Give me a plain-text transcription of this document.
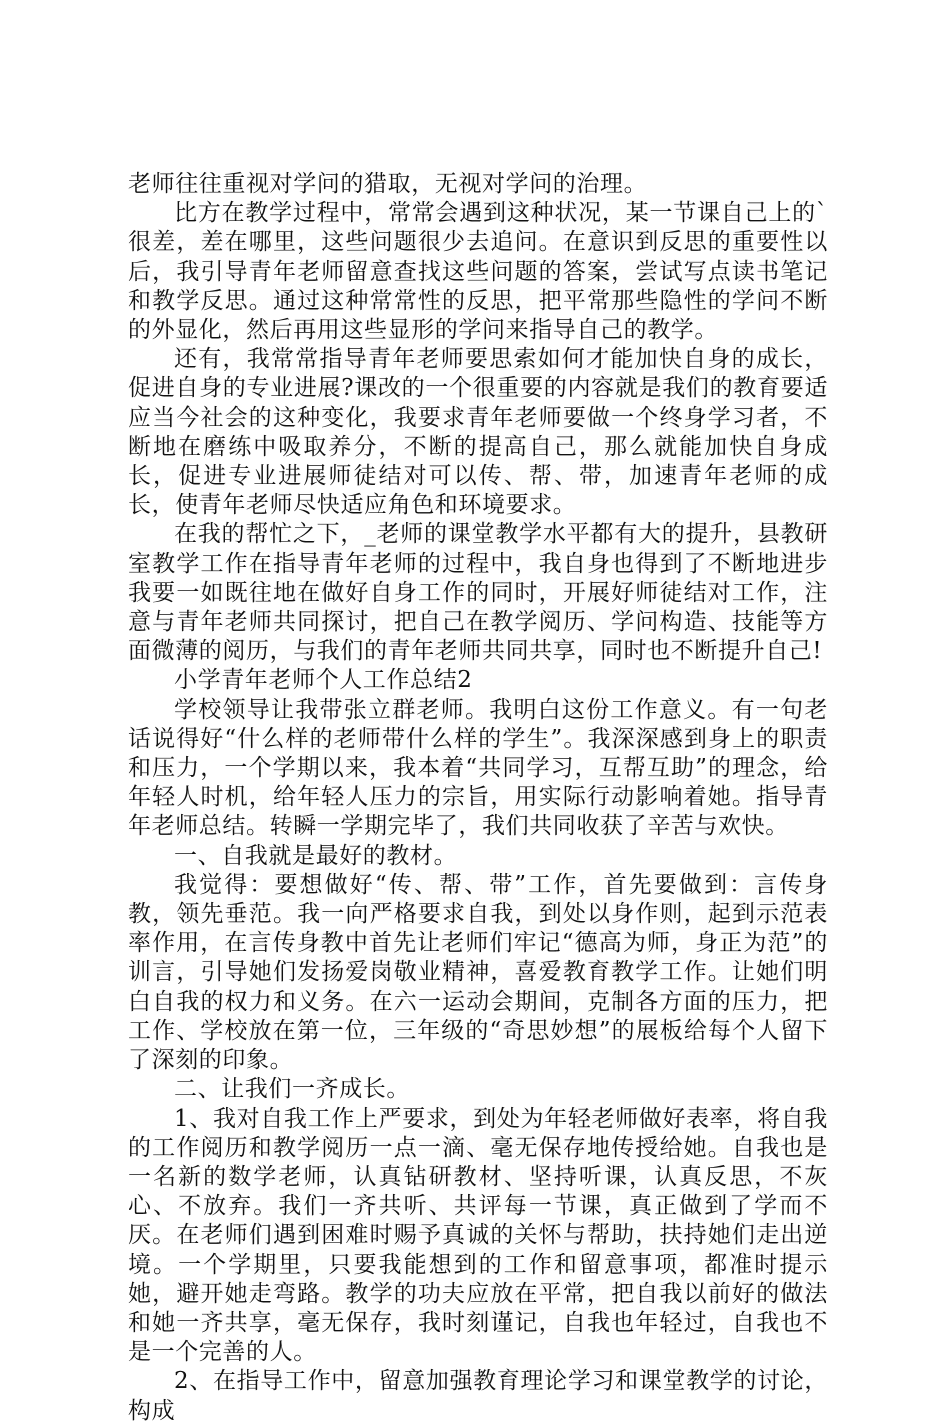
老师往往重视对学问的猎取，无视对学问的治理。

比方在教学过程中，常常会遇到这种状况，某一节课自己上的`很差，差在哪里，这些问题很少去追问。在意识到反思的重要性以后，我引导青年老师留意查找这些问题的答案，尝试写点读书笔记和教学反思。通过这种常常性的反思，把平常那些隐性的学问不断的外显化，然后再用这些显形的学问来指导自己的教学。

还有，我常常指导青年老师要思索如何才能加快自身的成长，促进自身的专业进展?课改的一个很重要的内容就是我们的教育要适应当今社会的这种变化，我要求青年老师要做一个终身学习者，不断地在磨练中吸取养分，不断的提高自己，那么就能加快自身成长，促进专业进展师徒结对可以传、帮、带，加速青年老师的成长，使青年老师尽快适应角色和环境要求。

在我的帮忙之下，_老师的课堂教学水平都有大的提升，县教研室教学工作在指导青年老师的过程中，我自身也得到了不断地进步我要一如既往地在做好自身工作的同时，开展好师徒结对工作，注意与青年老师共同探讨，把自己在教学阅历、学问构造、技能等方面微薄的阅历，与我们的青年老师共同共享，同时也不断提升自己!

小学青年老师个人工作总结2

学校领导让我带张立群老师。我明白这份工作意义。有一句老话说得好“什么样的老师带什么样的学生”。我深深感到身上的职责和压力，一个学期以来，我本着“共同学习，互帮互助”的理念，给年轻人时机，给年轻人压力的宗旨，用实际行动影响着她。指导青年老师总结。转瞬一学期完毕了，我们共同收获了辛苦与欢快。

一、自我就是最好的教材。

我觉得：要想做好“传、帮、带”工作，首先要做到：言传身教，领先垂范。我一向严格要求自我，到处以身作则，起到示范表率作用，在言传身教中首先让老师们牢记“德高为师，身正为范”的训言，引导她们发扬爱岗敬业精神，喜爱教育教学工作。让她们明白自我的权力和义务。在六一运动会期间，克制各方面的压力，把工作、学校放在第一位，三年级的“奇思妙想”的展板给每个人留下了深刻的印象。

二、让我们一齐成长。

1、我对自我工作上严要求，到处为年轻老师做好表率，将自我的工作阅历和教学阅历一点一滴、毫无保存地传授给她。自我也是一名新的数学老师，认真钻研教材、坚持听课，认真反思，不灰心、不放弃。我们一齐共听、共评每一节课，真正做到了学而不厌。在老师们遇到困难时赐予真诚的关怀与帮助，扶持她们走出逆境。一个学期里，只要我能想到的工作和留意事项，都准时提示她，避开她走弯路。教学的功夫应放在平常，把自我以前好的做法和她一齐共享，毫无保存，我时刻谨记，自我也年轻过，自我也不是一个完善的人。

2、在指导工作中，留意加强教育理论学习和课堂教学的讨论，构成
